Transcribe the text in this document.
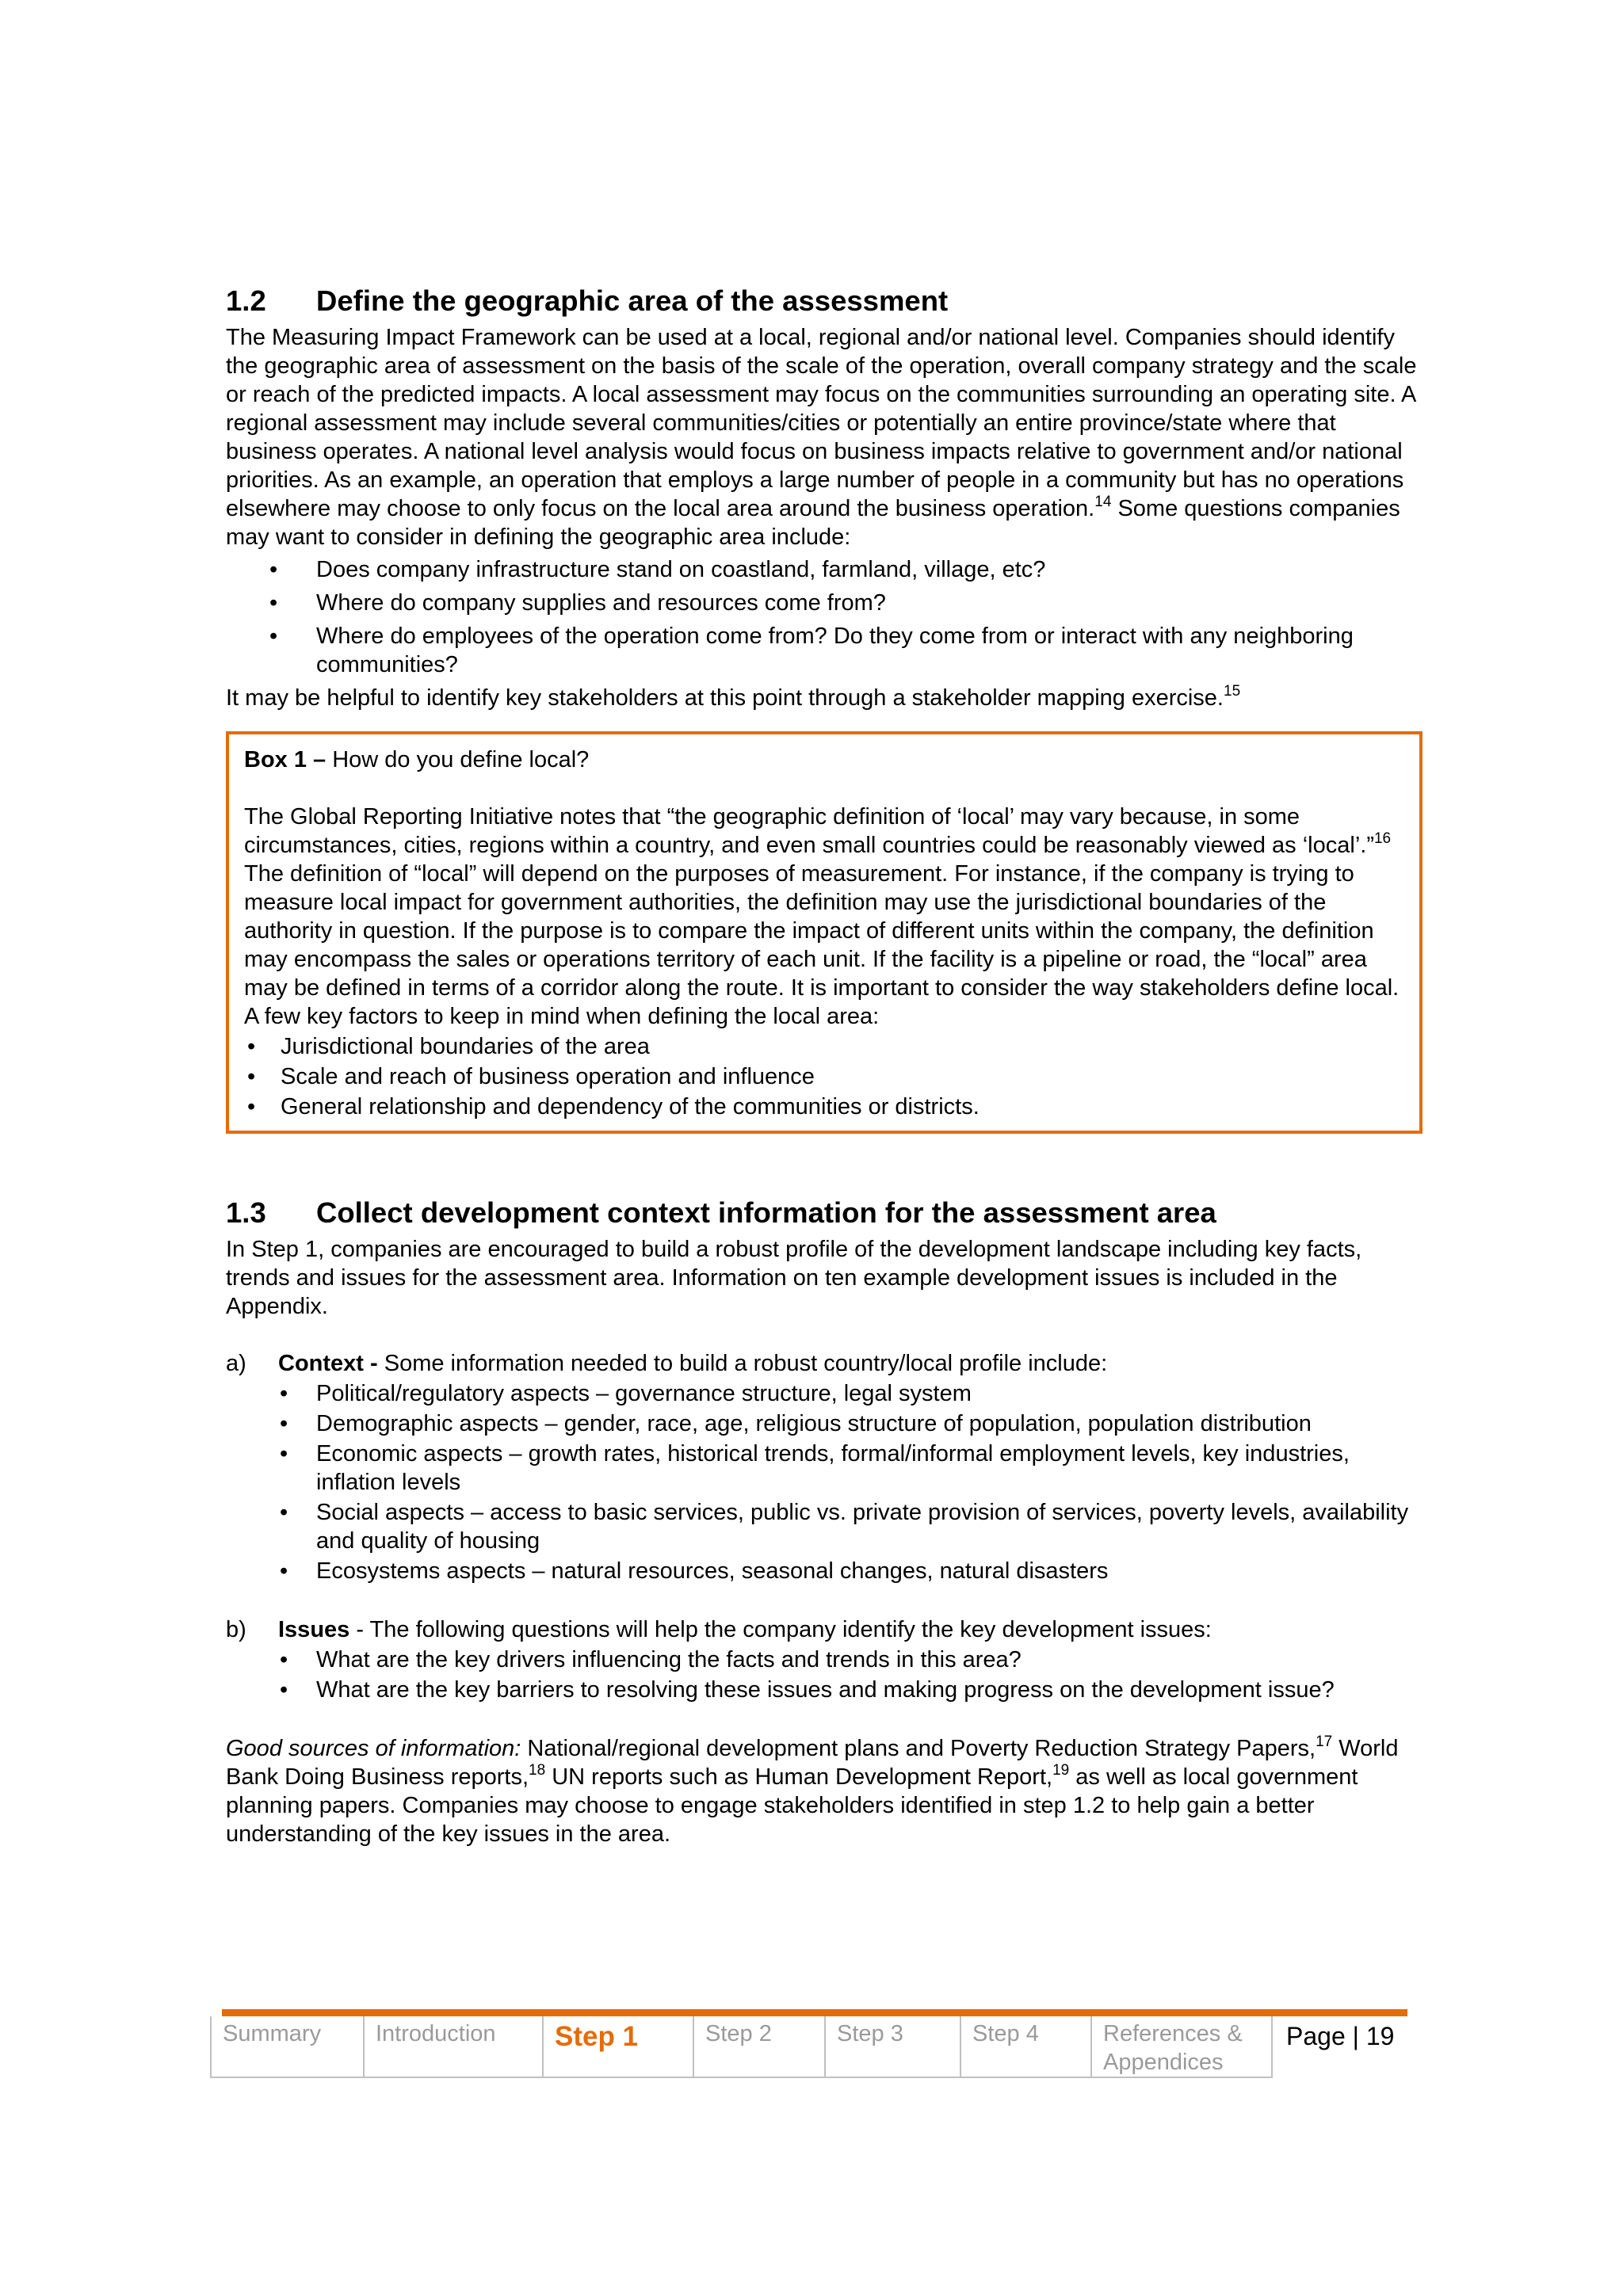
1.2	Define the geographic area of the assessment

The Measuring Impact Framework can be used at a local, regional and/or national level. Companies should identify the geographic area of assessment on the basis of the scale of the operation, overall company strategy and the scale or reach of the predicted impacts. A local assessment may focus on the communities surrounding an operating site. A regional assessment may include several communities/cities or potentially an entire province/state where that business operates. A national level analysis would focus on business impacts relative to government and/or national priorities. As an example, an operation that employs a large number of people in a community but has no operations elsewhere may choose to only focus on the local area around the business operation.$^{14}$ Some questions companies may want to consider in defining the geographic area include:

• Does company infrastructure stand on coastland, farmland, village, etc?
• Where do company supplies and resources come from?
• Where do employees of the operation come from? Do they come from or interact with any neighboring communities?

It may be helpful to identify key stakeholders at this point through a stakeholder mapping exercise.$^{15}$

Box 1 – How do you define local?

The Global Reporting Initiative notes that “the geographic definition of ‘local’ may vary because, in some circumstances, cities, regions within a country, and even small countries could be reasonably viewed as ‘local’.”$^{16}$ The definition of “local” will depend on the purposes of measurement. For instance, if the company is trying to measure local impact for government authorities, the definition may use the jurisdictional boundaries of the authority in question. If the purpose is to compare the impact of different units within the company, the definition may encompass the sales or operations territory of each unit. If the facility is a pipeline or road, the “local” area may be defined in terms of a corridor along the route. It is important to consider the way stakeholders define local. A few key factors to keep in mind when defining the local area:

• Jurisdictional boundaries of the area
• Scale and reach of business operation and influence
• General relationship and dependency of the communities or districts.
1.3	Collect development context information for the assessment area

In Step 1, companies are encouraged to build a robust profile of the development landscape including key facts, trends and issues for the assessment area. Information on ten example development issues is included in the Appendix.

a)	Context - Some information needed to build a robust country/local profile include:

• Political/regulatory aspects – governance structure, legal system
• Demographic aspects – gender, race, age, religious structure of population, population distribution
• Economic aspects – growth rates, historical trends, formal/informal employment levels, key industries, inflation levels
• Social aspects – access to basic services, public vs. private provision of services, poverty levels, availability and quality of housing
• Ecosystems aspects – natural resources, seasonal changes, natural disasters
b)	Issues - The following questions will help the company identify the key development issues:

• What are the key drivers influencing the facts and trends in this area?
• What are the key barriers to resolving these issues and making progress on the development issue?

Good sources of information: National/regional development plans and Poverty Reduction Strategy Papers,$^{17}$ World Bank Doing Business reports,$^{18}$ UN reports such as Human Development Report,$^{19}$ as well as local government planning papers. Companies may choose to engage stakeholders identified in step 1.2 to help gain a better understanding of the key issues in the area.

Summary	Introduction	Step 1	Step 2	Step 3	Step 4	References & Appendices
Page | 19
